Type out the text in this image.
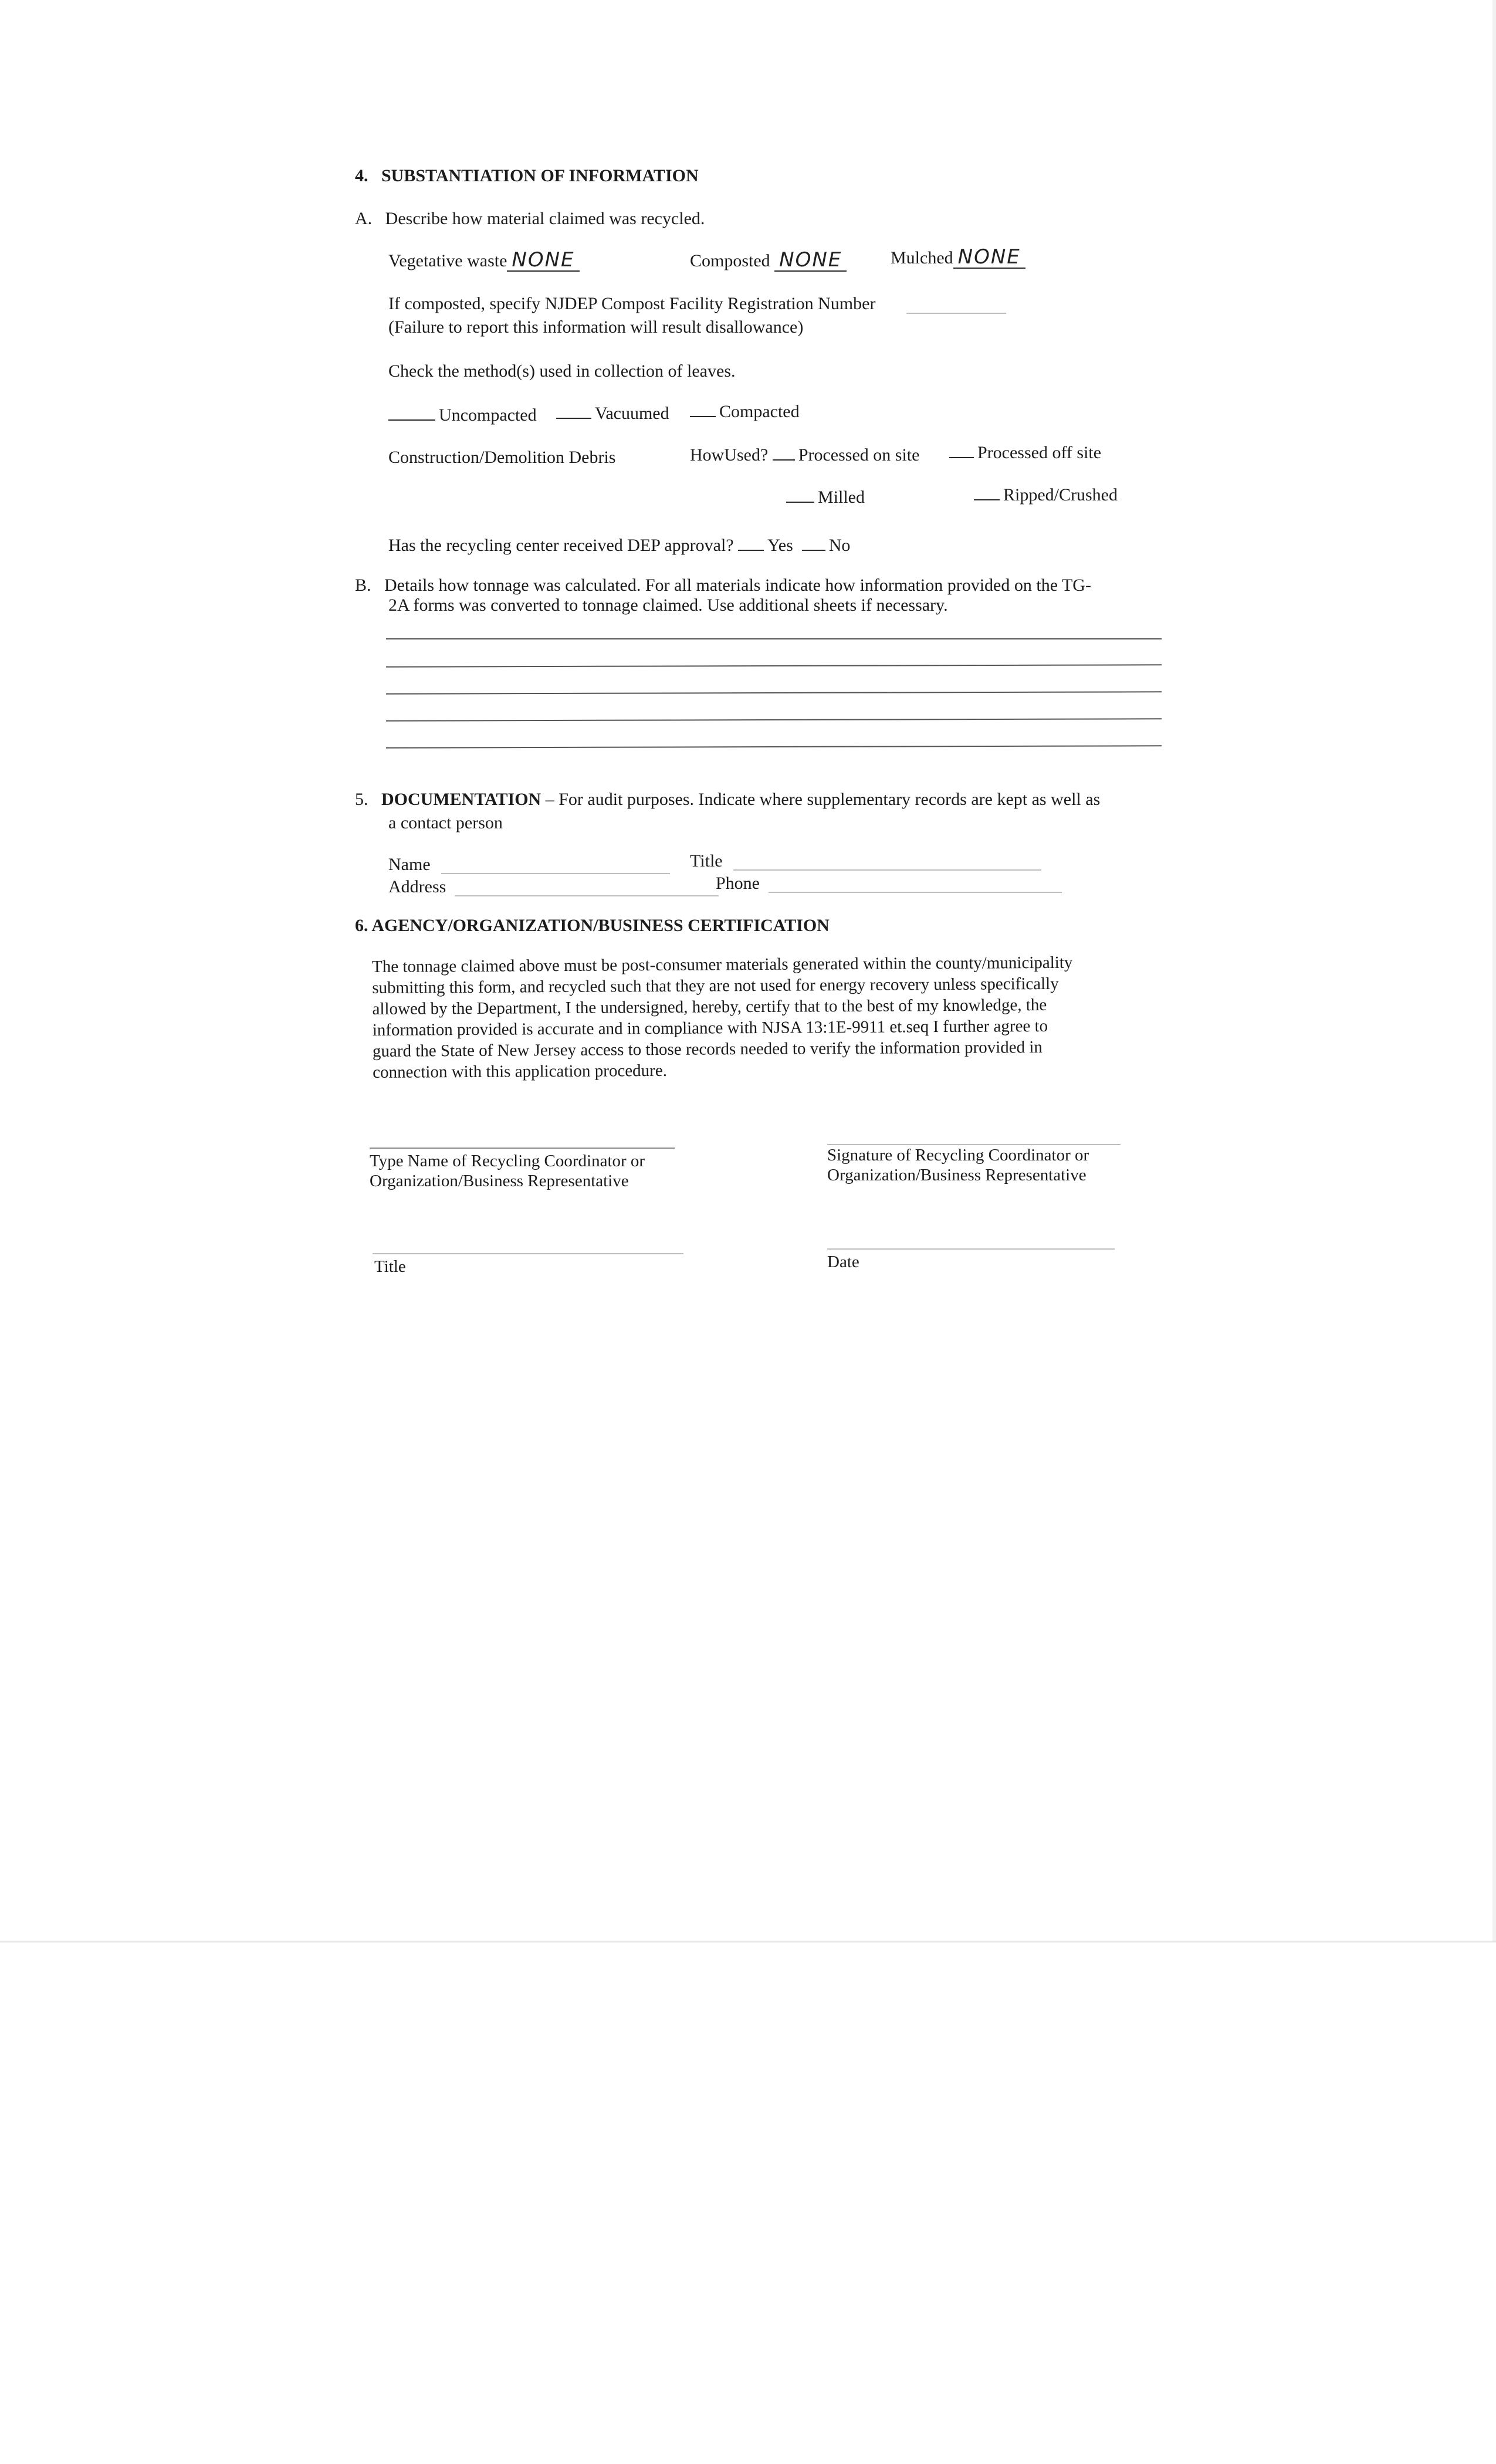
4. SUBSTANTIATION OF INFORMATION
A. Describe how material claimed was recycled.
Vegetative waste NONE	Composted NONE	Mulched NONE
If composted, specify NJDEP Compost Facility Registration Number
(Failure to report this information will result disallowance)
Check the method(s) used in collection of leaves.
Uncompacted	Vacuumed	Compacted
Construction/Demolition Debris	HowUsed? Processed on site	Processed off site
Milled	Ripped/Crushed
Has the recycling center received DEP approval? Yes No
B. Details how tonnage was calculated. For all materials indicate how information provided on the TG-
2A forms was converted to tonnage claimed. Use additional sheets if necessary.
5. DOCUMENTATION – For audit purposes. Indicate where supplementary records are kept as well as
a contact person
Name	Title
Address	Phone
6. AGENCY/ORGANIZATION/BUSINESS CERTIFICATION
The tonnage claimed above must be post-consumer materials generated within the county/municipality
submitting this form, and recycled such that they are not used for energy recovery unless specifically
allowed by the Department, I the undersigned, hereby, certify that to the best of my knowledge, the
information provided is accurate and in compliance with NJSA 13:1E-9911 et.seq I further agree to
guard the State of New Jersey access to those records needed to verify the information provided in
connection with this application procedure.
Type Name of Recycling Coordinator or
Organization/Business Representative
Signature of Recycling Coordinator or
Organization/Business Representative
Title	Date
